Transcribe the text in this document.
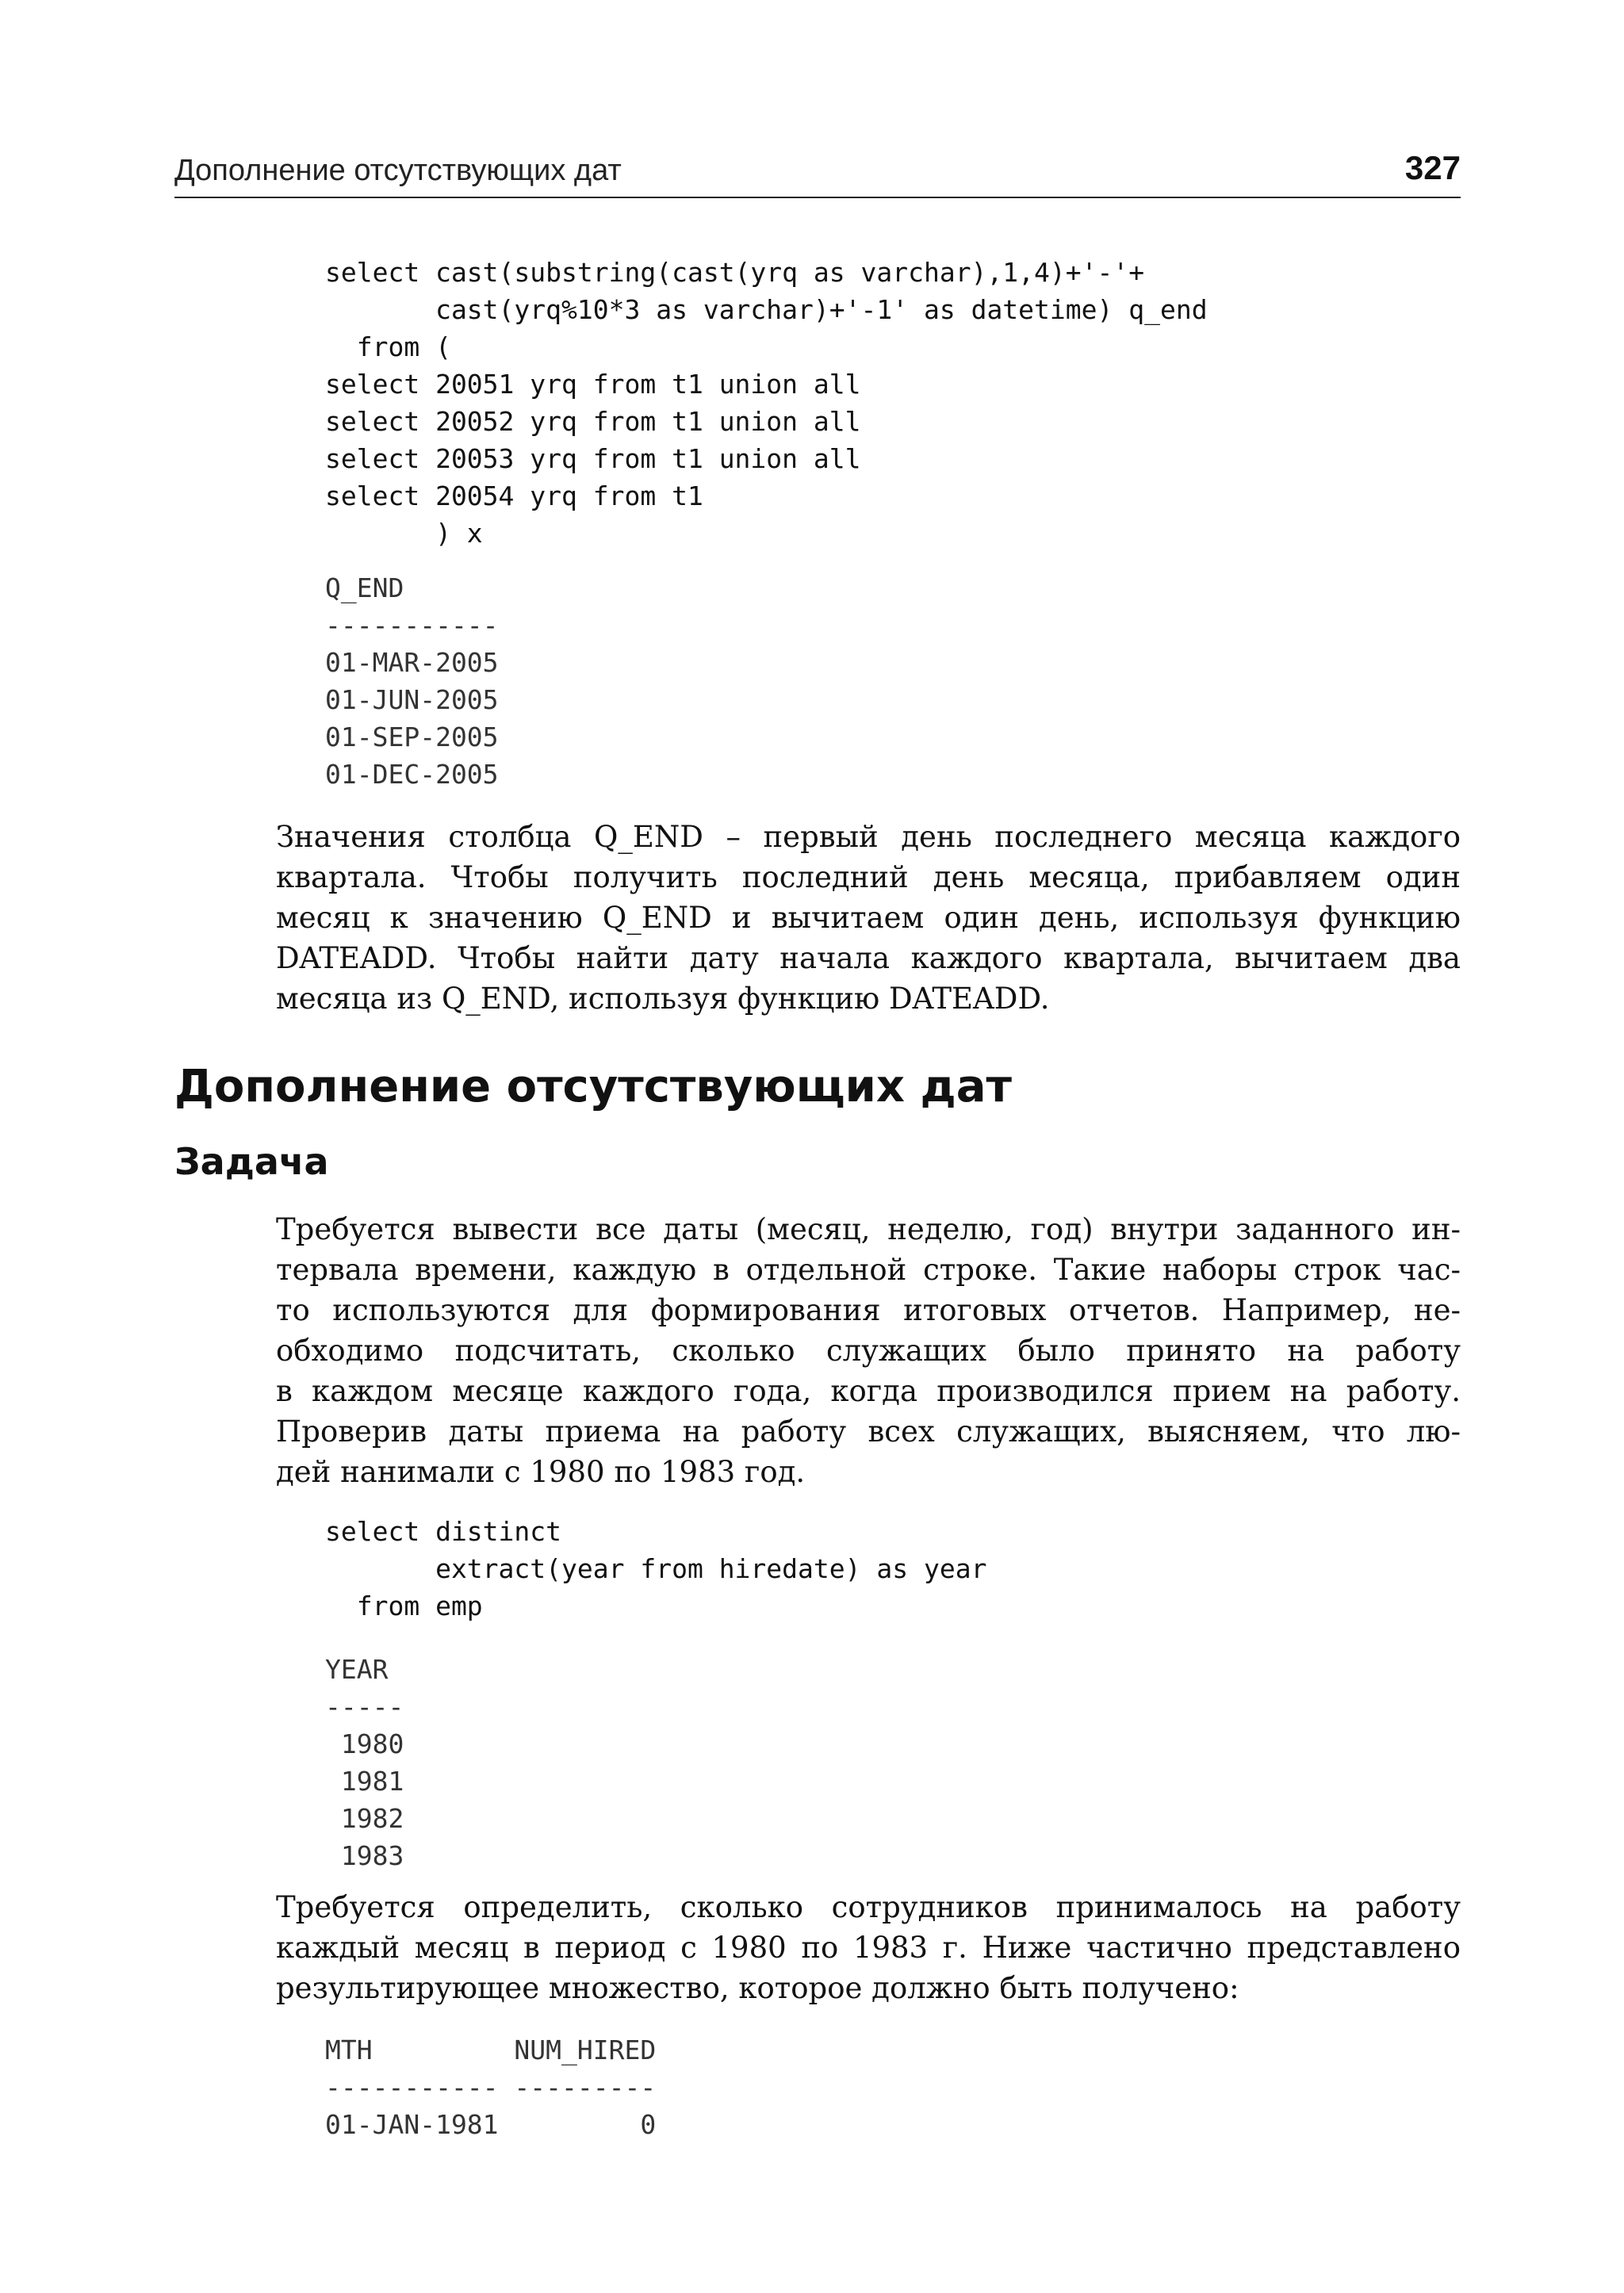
Дополнение отсутствующих дат	327
select cast(substring(cast(yrq as varchar),1,4)+'-'+
cast(yrq%10*3 as varchar)+'-1' as datetime) q_end
from (
select 20051 yrq from t1 union all
select 20052 yrq from t1 union all
select 20053 yrq from t1 union all
select 20054 yrq from t1
) x
Q_END
-----------
01-MAR-2005
01-JUN-2005
01-SEP-2005
01-DEC-2005
Значения столбца Q_END – первый день последнего месяца каждого
квартала. Чтобы получить последний день месяца, прибавляем один
месяц к значению Q_END и вычитаем один день, используя функцию
DATEADD. Чтобы найти дату начала каждого квартала, вычитаем два
месяца из Q_END, используя функцию DATEADD.
Дополнение отсутствующих дат
Задача
Требуется вывести все даты (месяц, неделю, год) внутри заданного ин-
тервала времени, каждую в отдельной строке. Такие наборы строк час-
то используются для формирования итоговых отчетов. Например, не-
обходимо подсчитать, сколько служащих было принято на работу
в каждом месяце каждого года, когда производился прием на работу.
Проверив даты приема на работу всех служащих, выясняем, что лю-
дей нанимали с 1980 по 1983 год.
select distinct
extract(year from hiredate) as year
from emp
YEAR
-----
1980
1981
1982
1983
Требуется определить, сколько сотрудников принималось на работу
каждый месяц в период с 1980 по 1983 г. Ниже частично представлено
результирующее множество, которое должно быть получено:
MTH         NUM_HIRED
----------- ---------
01-JAN-1981         0
